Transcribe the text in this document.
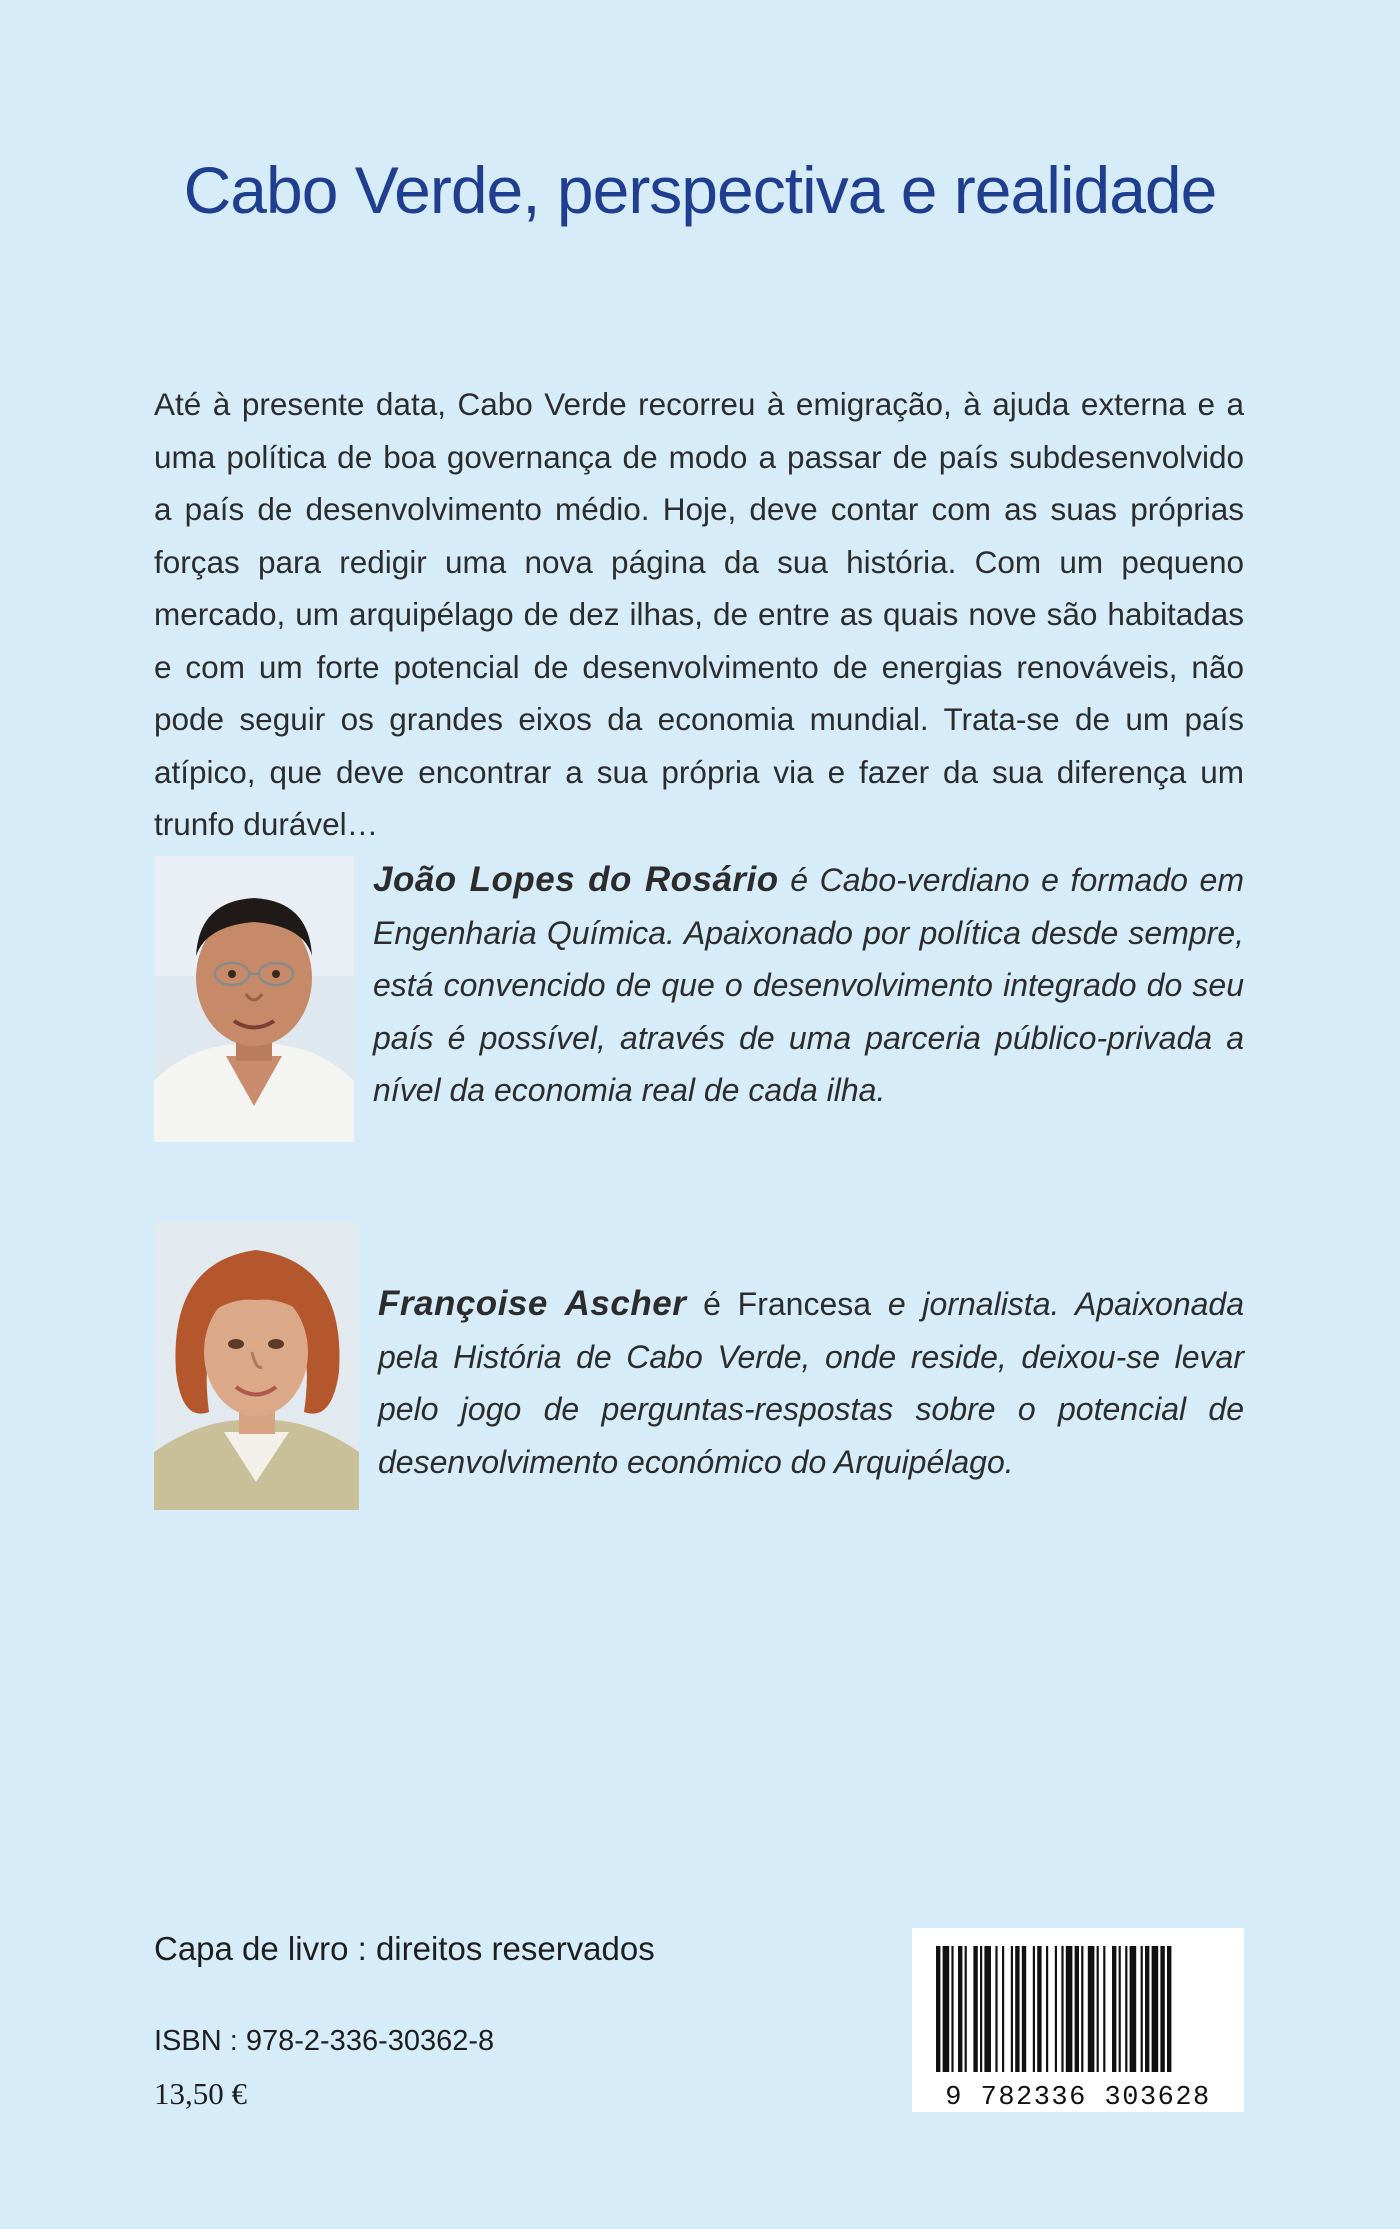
Cabo Verde, perspectiva e realidade

Até à presente data, Cabo Verde recorreu à emigração, à ajuda externa e a uma política de boa governança de modo a passar de país subdesenvolvido a país de desenvolvimento médio. Hoje, deve contar com as suas próprias forças para redigir uma nova página da sua história. Com um pequeno mercado, um arquipélago de dez ilhas, de entre as quais nove são habitadas e com um forte potencial de desenvolvimento de energias renováveis, não pode seguir os grandes eixos da economia mundial. Trata-se de um país atípico, que deve encontrar a sua própria via e fazer da sua diferença um trunfo durável…

João Lopes do Rosário é Cabo-verdiano e formado em Engenharia Química. Apaixonado por política desde sempre, está convencido de que o desenvolvimento integrado do seu país é possível, através de uma parceria público-privada a nível da economia real de cada ilha.

Françoise Ascher é Francesa e jornalista. Apaixonada pela História de Cabo Verde, onde reside, deixou-se levar pelo jogo de perguntas-respostas sobre o potencial de desenvolvimento económico do Arquipélago.

Capa de livro : direitos reservados

ISBN : 978-2-336-30362-8

13,50 €	9 782336 303628
